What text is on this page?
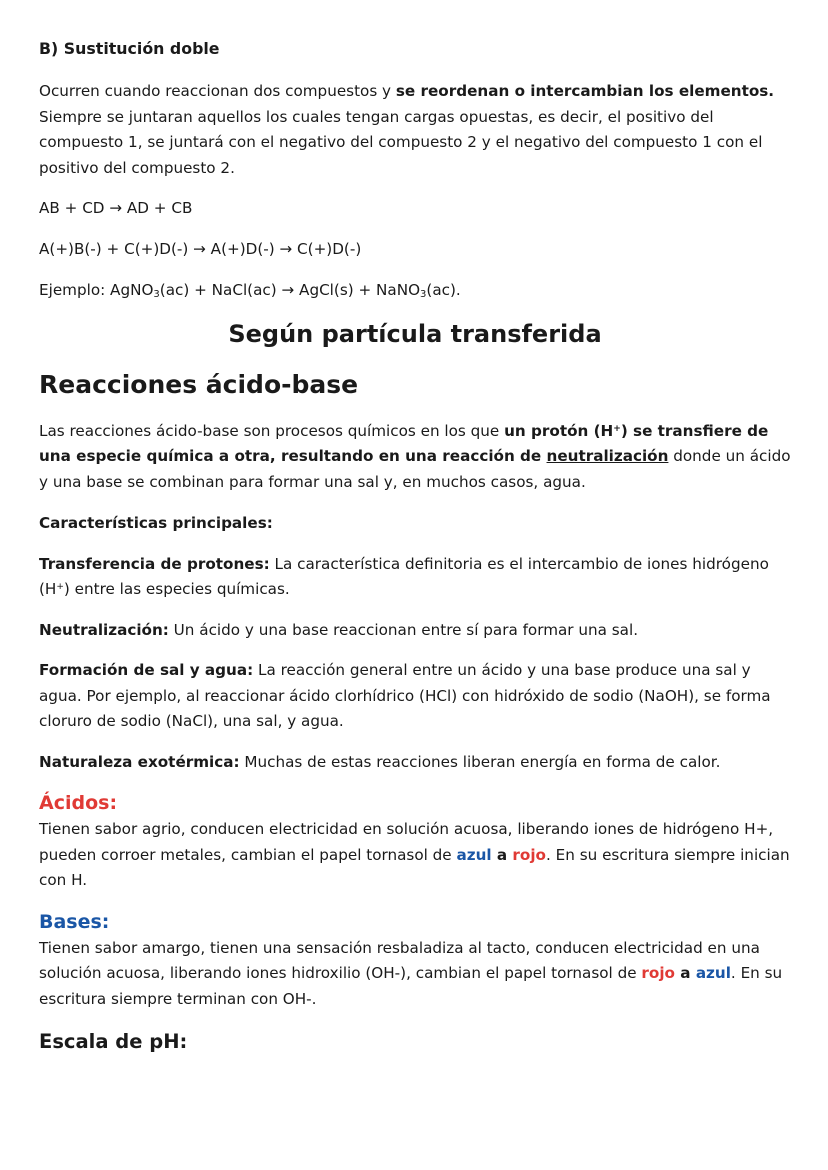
B) Sustitución doble

Ocurren cuando reaccionan dos compuestos y se reordenan o intercambian los elementos. Siempre se juntaran aquellos los cuales tengan cargas opuestas, es decir, el positivo del compuesto 1, se juntará con el negativo del compuesto 2 y el negativo del compuesto 1 con el positivo del compuesto 2.

AB + CD → AD + CB

A(+)B(-) + C(+)D(-) → A(+)D(-) → C(+)D(-)

Ejemplo: AgNO$_3$(ac) + NaCl(ac) → AgCl(s) + NaNO$_3$(ac).

Según partícula transferida

Reacciones ácido-base

Las reacciones ácido-base son procesos químicos en los que un protón (H+) se transfiere de una especie química a otra, resultando en una reacción de neutralización donde un ácido y una base se combinan para formar una sal y, en muchos casos, agua.

Características principales:

Transferencia de protones: La característica definitoria es el intercambio de iones hidrógeno (H+) entre las especies químicas.

Neutralización: Un ácido y una base reaccionan entre sí para formar una sal.

Formación de sal y agua: La reacción general entre un ácido y una base produce una sal y agua. Por ejemplo, al reaccionar ácido clorhídrico (HCl) con hidróxido de sodio (NaOH), se forma cloruro de sodio (NaCl), una sal, y agua.

Naturaleza exotérmica: Muchas de estas reacciones liberan energía en forma de calor.

Ácidos:

Tienen sabor agrio, conducen electricidad en solución acuosa, liberando iones de hidrógeno H+, pueden corroer metales, cambian el papel tornasol de azul a rojo. En su escritura siempre inician con H.

Bases:

Tienen sabor amargo, tienen una sensación resbaladiza al tacto, conducen electricidad en una solución acuosa, liberando iones hidroxilio (OH-), cambian el papel tornasol de rojo a azul. En su escritura siempre terminan con OH-.

Escala de pH:
